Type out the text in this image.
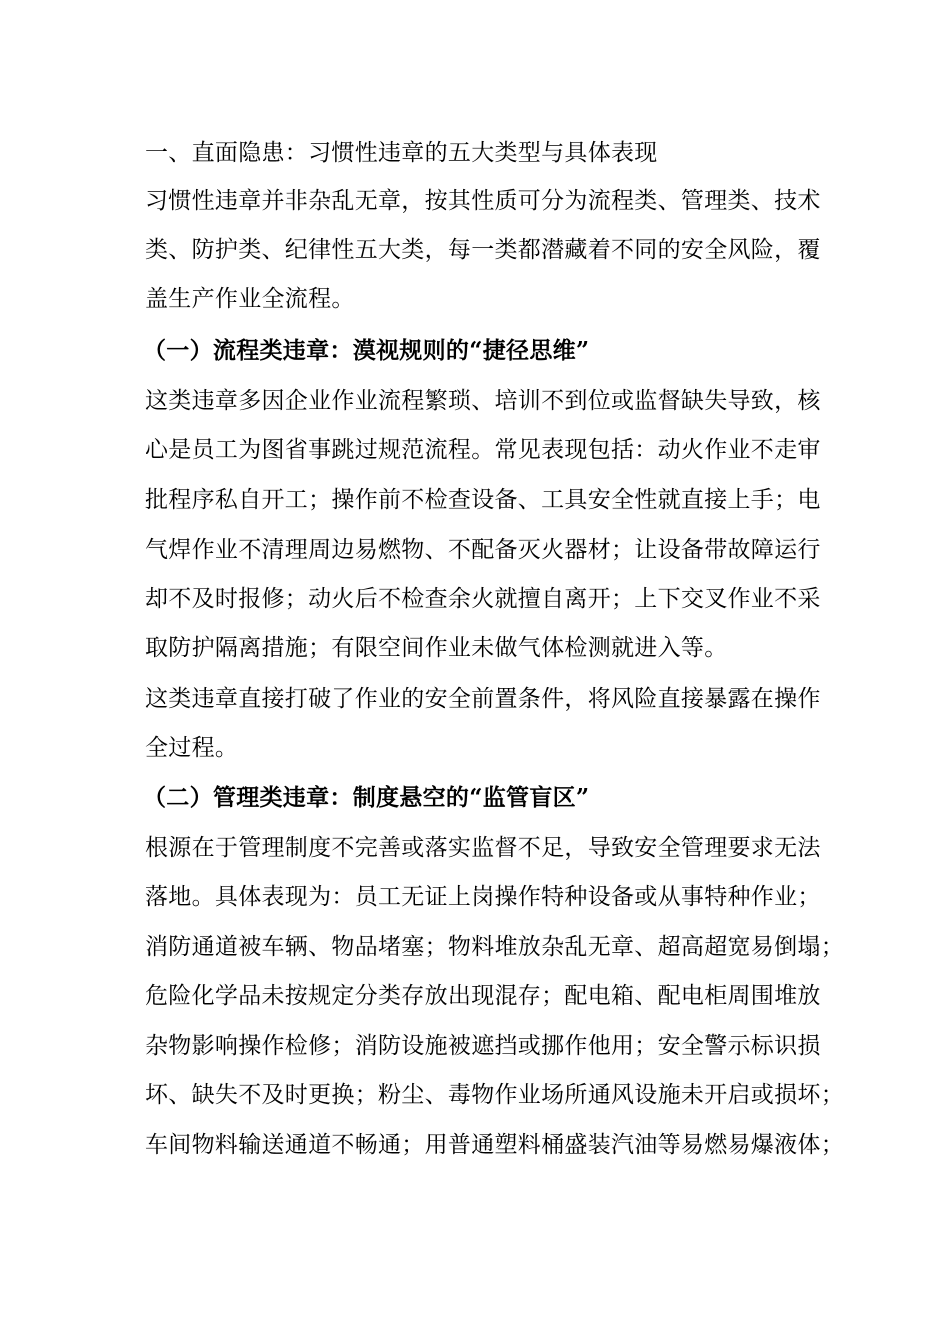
一、直面隐患：习惯性违章的五大类型与具体表现
习惯性违章并非杂乱无章，按其性质可分为流程类、管理类、技术
类、防护类、纪律性五大类，每一类都潜藏着不同的安全风险，覆
盖生产作业全流程。
（一）流程类违章：漠视规则的“捷径思维”
这类违章多因企业作业流程繁琐、培训不到位或监督缺失导致，核
心是员工为图省事跳过规范流程。常见表现包括：动火作业不走审
批程序私自开工；操作前不检查设备、工具安全性就直接上手；电
气焊作业不清理周边易燃物、不配备灭火器材；让设备带故障运行
却不及时报修；动火后不检查余火就擅自离开；上下交叉作业不采
取防护隔离措施；有限空间作业未做气体检测就进入等。
这类违章直接打破了作业的安全前置条件，将风险直接暴露在操作
全过程。
（二）管理类违章：制度悬空的“监管盲区”
根源在于管理制度不完善或落实监督不足，导致安全管理要求无法
落地。具体表现为：员工无证上岗操作特种设备或从事特种作业；
消防通道被车辆、物品堵塞；物料堆放杂乱无章、超高超宽易倒塌；
危险化学品未按规定分类存放出现混存；配电箱、配电柜周围堆放
杂物影响操作检修；消防设施被遮挡或挪作他用；安全警示标识损
坏、缺失不及时更换；粉尘、毒物作业场所通风设施未开启或损坏；
车间物料输送通道不畅通；用普通塑料桶盛装汽油等易燃易爆液体；
